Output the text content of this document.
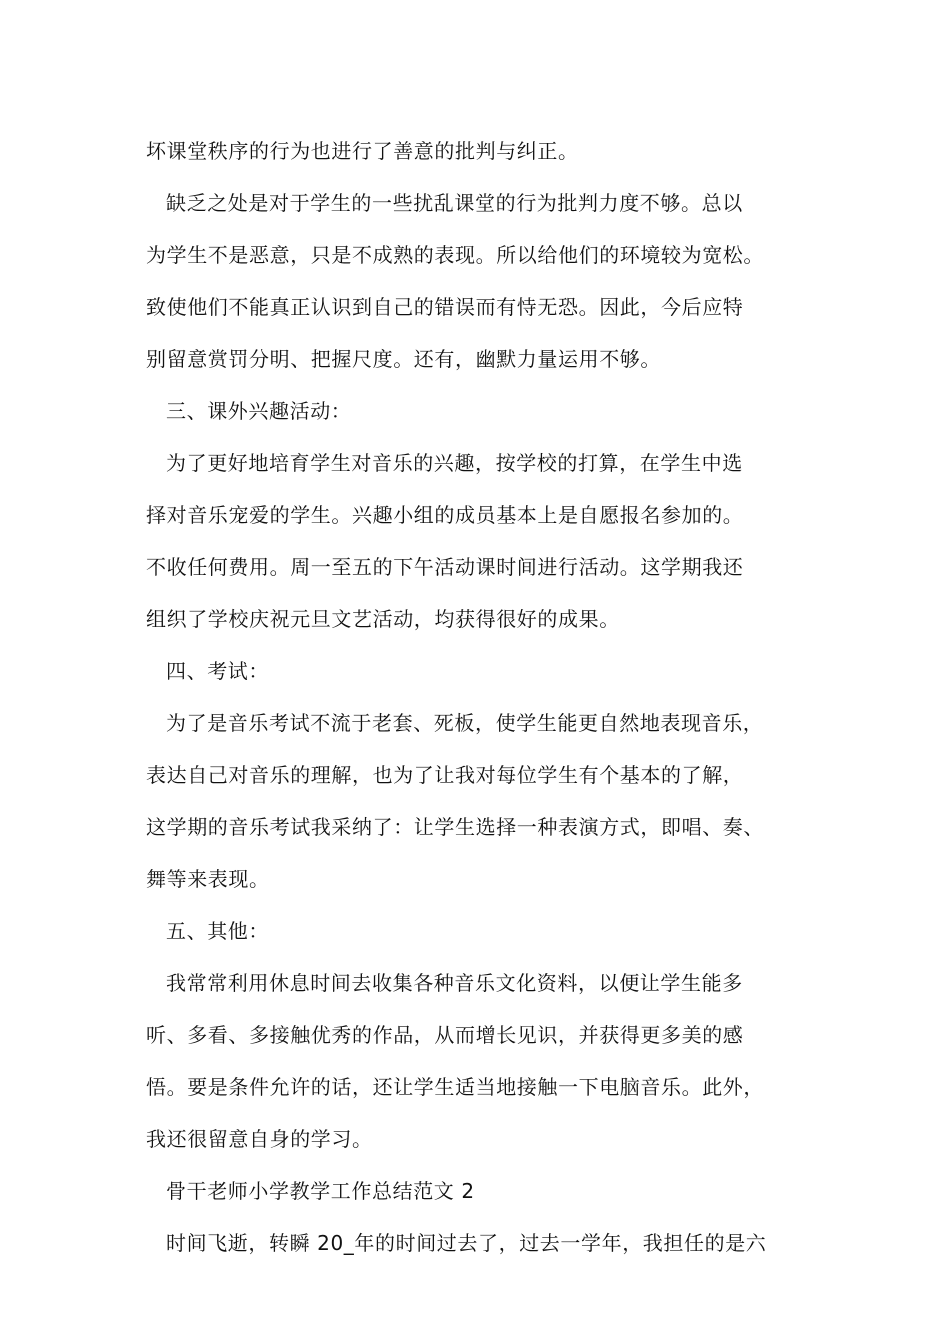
坏课堂秩序的行为也进行了善意的批判与纠正。
缺乏之处是对于学生的一些扰乱课堂的行为批判力度不够。总以
为学生不是恶意，只是不成熟的表现。所以给他们的环境较为宽松。
致使他们不能真正认识到自己的错误而有恃无恐。因此，今后应特
别留意赏罚分明、把握尺度。还有，幽默力量运用不够。
三、课外兴趣活动：
为了更好地培育学生对音乐的兴趣，按学校的打算，在学生中选
择对音乐宠爱的学生。兴趣小组的成员基本上是自愿报名参加的。
不收任何费用。周一至五的下午活动课时间进行活动。这学期我还
组织了学校庆祝元旦文艺活动，均获得很好的成果。
四、考试：
为了是音乐考试不流于老套、死板，使学生能更自然地表现音乐，
表达自己对音乐的理解，也为了让我对每位学生有个基本的了解，
这学期的音乐考试我采纳了：让学生选择一种表演方式，即唱、奏、
舞等来表现。
五、其他：
我常常利用休息时间去收集各种音乐文化资料，以便让学生能多
听、多看、多接触优秀的作品，从而增长见识，并获得更多美的感
悟。要是条件允许的话，还让学生适当地接触一下电脑音乐。此外，
我还很留意自身的学习。
骨干老师小学教学工作总结范文 2
时间飞逝，转瞬 20_年的时间过去了，过去一学年，我担任的是六
